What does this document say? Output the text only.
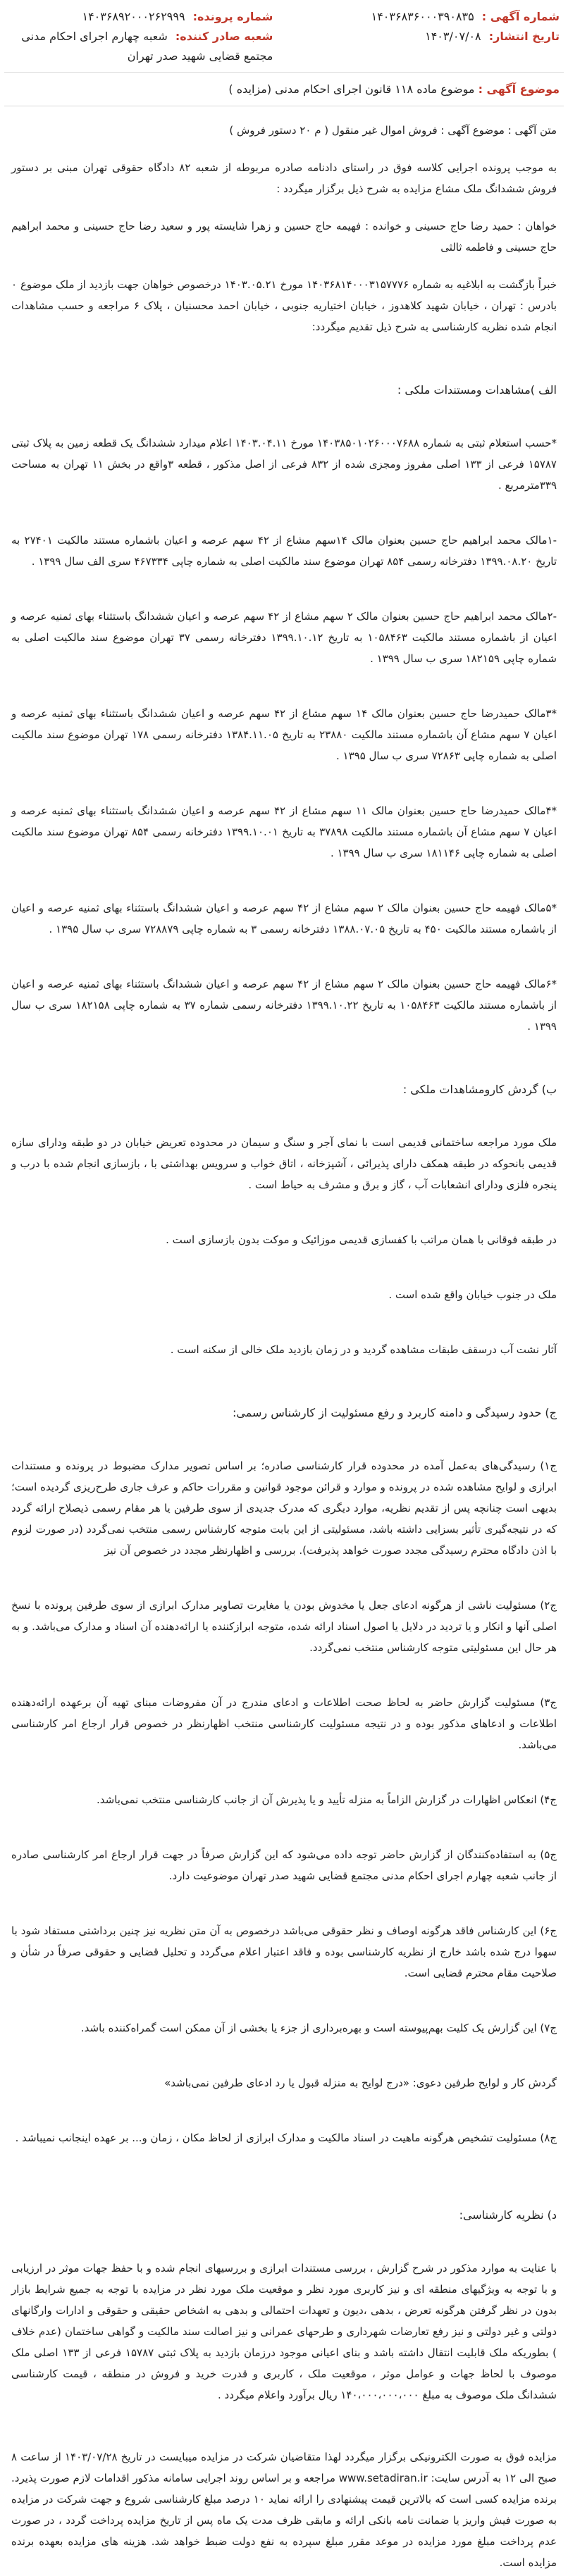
شماره آگهی : ۱۴۰۳۶۸۳۶۰۰۰۳۹۰۸۳۵
تاریخ انتشار: ۱۴۰۳/۰۷/۰۸
شماره پرونده: ۱۴۰۳۶۸۹۲۰۰۰۲۶۲۹۹۹
شعبه صادر کننده: شعبه چهارم اجرای احکام مدنی مجتمع قضایی شهید صدر تهران
موضوع آگهی : موضوع ماده ۱۱۸ قانون اجرای احکام مدنی (مزایده )

متن آگهی : موضوع آگهی : فروش اموال غیر منقول ( م ۲۰ دستور فروش )

به موجب پرونده اجرایی کلاسه فوق در راستای دادنامه صادره مربوطه از شعبه ۸۲ دادگاه حقوقی تهران مبنی بر دستور فروش ششدانگ ملک مشاع مزایده به شرح ذیل برگزار میگردد :

خواهان : حمید رضا حاج حسینی و خوانده : فهیمه حاج حسین و زهرا شایسته پور و سعید رضا حاج حسینی و محمد ابراهیم حاج حسینی و فاطمه ثالثی

خبراً بازگشت به ابلاغیه به شماره ۱۴۰۳۶۸۱۴۰۰۰۳۱۵۷۷۷۶ مورخ ۱۴۰۳.۰۵.۲۱ درخصوص خواهان جهت بازدید از ملک موضوع ۰ بادرس : تهران ، خیابان شهید کلاهدوز ، خیابان اختیاریه جنوبی ، خیابان احمد محسنیان ، پلاک ۶ مراجعه و حسب مشاهدات انجام شده نظریه کارشناسی به شرح ذیل تقدیم میگردد:

الف )مشاهدات ومستندات ملکی :

*حسب استعلام ثبتی به شماره ۱۴۰۳۸۵۰۱۰۲۶۰۰۰۷۶۸۸ مورخ ۱۴۰۳.۰۴.۱۱ اعلام میدارد ششدانگ یک قطعه زمین به پلاک ثبتی ۱۵۷۸۷ فرعی از ۱۳۳ اصلی مفروز ومجزی شده از ۸۳۲ فرعی از اصل مذکور ، قطعه ۳واقع در بخش ۱۱ تهران به مساحت ۳۳۹مترمربع .

-۱مالک محمد ابراهیم حاج حسین بعنوان مالک ۱۴سهم مشاع از ۴۲ سهم عرصه و اعیان باشماره مستند مالکیت ۲۷۴۰۱ به تاریخ ۱۳۹۹.۰۸.۲۰ دفترخانه رسمی ۸۵۴ تهران موضوع سند مالکیت اصلی به شماره چاپی ۴۶۷۳۳۴ سری الف سال ۱۳۹۹ .

-۲مالک محمد ابراهیم حاج حسین بعنوان مالک ۲ سهم مشاع از ۴۲ سهم عرصه و اعیان ششدانگ باستثناء بهای ثمنیه عرصه و اعیان از باشماره مستند مالکیت ۱۰۵۸۴۶۳ به تاریخ ۱۳۹۹.۱۰.۱۲ دفترخانه رسمی ۳۷ تهران موضوع سند مالکیت اصلی به شماره چاپی ۱۸۲۱۵۹ سری ب سال ۱۳۹۹ .

*۳مالک حمیدرضا حاج حسین بعنوان مالک ۱۴ سهم مشاع از ۴۲ سهم عرصه و اعیان ششدانگ باستثناء بهای ثمنیه عرصه و اعیان ۷ سهم مشاع آن باشماره مستند مالکیت ۲۳۸۸۰ به تاریخ ۱۳۸۴.۱۱.۰۵ دفترخانه رسمی ۱۷۸ تهران موضوع سند مالکیت اصلی به شماره چاپی ۷۲۸۶۳ سری ب سال ۱۳۹۵ .

*۴مالک حمیدرضا حاج حسین بعنوان مالک ۱۱ سهم مشاع از ۴۲ سهم عرصه و اعیان ششدانگ باستثناء بهای ثمنیه عرصه و اعیان ۷ سهم مشاع آن باشماره مستند مالکیت ۳۷۸۹۸ به تاریخ ۱۳۹۹.۱۰.۰۱ دفترخانه رسمی ۸۵۴ تهران موضوع سند مالکیت اصلی به شماره چاپی ۱۸۱۱۴۶ سری ب سال ۱۳۹۹ .

*۵مالک فهیمه حاج حسین بعنوان مالک ۲ سهم مشاع از ۴۲ سهم عرصه و اعیان ششدانگ باستثناء بهای ثمنیه عرصه و اعیان از باشماره مستند مالکیت ۴۵۰ به تاریخ ۱۳۸۸.۰۷.۰۵ دفترخانه رسمی ۳ به شماره چاپی ۷۲۸۸۷۹ سری ب سال ۱۳۹۵ .

*۶مالک فهیمه حاج حسین بعنوان مالک ۲ سهم مشاع از ۴۲ سهم عرصه و اعیان ششدانگ باستثناء بهای ثمنیه عرصه و اعیان از باشماره مستند مالکیت ۱۰۵۸۴۶۳ به تاریخ ۱۳۹۹.۱۰.۲۲ دفترخانه رسمی شماره ۳۷ به شماره چاپی ۱۸۲۱۵۸ سری ب سال ۱۳۹۹ .

ب) گردش کارومشاهدات ملکی :

ملک مورد مراجعه ساختمانی قدیمی است با نمای آجر و سنگ و سیمان در محدوده تعریض خیابان در دو طبقه ودارای سازه قدیمی بانحوکه در طبقه همکف دارای پذیرائی ، آشپزخانه ، اتاق خواب و سرویس بهداشتی با ، بازسازی انجام شده با درب و پنجره فلزی ودارای انشعابات آب ، گاز و برق و مشرف به حیاط است .

در طبقه فوقانی با همان مراتب با کفسازی قدیمی موزائیک و موکت بدون بازسازی است .

ملک در جنوب خیابان واقع شده است .

آثار نشت آب درسقف طبقات مشاهده گردید و در زمان بازدید ملک خالی از سکنه است .

ج) حدود رسیدگی و دامنه کاربرد و رفع مسئولیت از کارشناس رسمی:

ج۱) رسیدگی‌های به‌عمل آمده در محدوده قرار کارشناسی صادره؛ بر اساس تصویر مدارک مضبوط در پرونده و مستندات ابرازی و لوایح مشاهده شده در پرونده و موارد و قرائن موجود قوانین و مقررات حاکم و عرف جاری طرح‌ریزی گردیده است؛ بدیهی است چنانچه پس از تقدیم نظریه، موارد دیگری که مدرک جدیدی از سوی طرفین یا هر مقام رسمی ذیصلاح ارائه گردد که در نتیجه‌گیری تأثیر بسزایی داشته باشد، مسئولیتی از این بابت متوجه کارشناس رسمی منتخب نمی‌گردد (در صورت لزوم با اذن دادگاه محترم رسیدگی مجدد صورت خواهد پذیرفت). بررسی و اظهارنظر مجدد در خصوص آن نیز

ج۲) مسئولیت ناشی از هرگونه ادعای جعل یا مخدوش بودن یا مغایرت تصاویر مدارک ابرازی از سوی طرفین پرونده با نسخ اصلی آنها و انکار و یا تردید در دلایل یا اصول اسناد ارائه شده، متوجه ابرازکننده یا ارائه‌دهنده آن اسناد و مدارک می‌باشد. و به هر حال این مسئولیتی متوجه کارشناس منتخب نمی‌گردد.

ج۳) مسئولیت گزارش حاضر به لحاظ صحت اطلاعات و ادعای مندرج در آن مفروضات مبنای تهیه آن برعهده ارائه‌دهنده اطلاعات و ادعاهای مذکور بوده و در نتیجه مسئولیت کارشناسی منتخب اظهارنظر در خصوص قرار ارجاع امر کارشناسی می‌باشد.

ج۴) انعکاس اظهارات در گزارش الزاماً به منزله تأیید و یا پذیرش آن از جانب کارشناسی منتخب نمی‌باشد.

ج۵) به استفاده‌کنندگان از گزارش حاضر توجه داده می‌شود که این گزارش صرفاً در جهت قرار ارجاع امر کارشناسی صادره از جانب شعبه چهارم اجرای احکام مدنی مجتمع قضایی شهید صدر تهران موضوعیت دارد.

ج۶) این کارشناس فاقد هرگونه اوصاف و نظر حقوقی می‌باشد درخصوص به آن متن نظریه نیز چنین برداشتی مستفاد شود با سهوا درج شده باشد خارج از نظریه کارشناسی بوده و فاقد اعتبار اعلام می‌گردد و تحلیل قضایی و حقوقی صرفاً در شأن و صلاحیت مقام محترم قضایی است.

ج۷) این گزارش یک کلیت بهم‌پیوسته است و بهره‌برداری از جزء یا بخشی از آن ممکن است گمراه‌کننده باشد.

گردش کار و لوایح طرفین دعوی: «درج لوایح به منزله قبول یا رد ادعای طرفین نمی‌باشد»

ج۸) مسئولیت تشخیص هرگونه ماهیت در اسناد مالکیت و مدارک ابرازی از لحاظ مکان ، زمان و... بر عهده اینجانب نمیباشد .

د) نظریه کارشناسی:

با عنایت به موارد مذکور در شرح گزارش ، بررسی مستندات ابرازی و بررسیهای انجام شده و با حفظ جهات موثر در ارزیابی و با توجه به ویژگیهای منطقه ای و نیز کاربری مورد نظر و موقعیت ملک مورد نظر در مزایده با توجه به جمیع شرایط بازار بدون در نظر گرفتن هرگونه تعرض ، بدهی ،دیون و تعهدات احتمالی و بدهی به اشخاص حقیقی و حقوقی و ادارات وارگانهای دولتی و غیر دولتی و نیز رفع تعارضات شهرداری و طرحهای عمرانی و نیز اصالت سند مالکیت و گواهی ساختمان (عدم خلاف ) بطوریکه ملک قابلیت انتقال داشته باشد و بنای اعیانی موجود درزمان بازدید به پلاک ثبتی ۱۵۷۸۷ فرعی از ۱۳۳ اصلی ملک موصوف با لحاظ جهات و عوامل موثر ، موقعیت ملک ، کاربری و قدرت خرید و فروش در منطقه ، قیمت کارشناسی ششدانگ ملک موصوف به مبلغ ۱۴۰،۰۰۰،۰۰۰،۰۰۰ ریال برآورد واعلام میگردد .

مزایده فوق به صورت الکترونیکی برگزار میگردد لهذا متقاضیان شرکت در مزایده میبایست در تاریخ ۱۴۰۳/۰۷/۲۸ از ساعت ۸ صبح الی ۱۲ به آدرس سایت: www.setadiran.ir مراجعه و بر اساس روند اجرایی سامانه مذکور اقدامات لازم صورت پذیرد. برنده مزایده کسی است که بالاترین قیمت پیشنهادی را ارائه نماید ۱۰ درصد مبلغ کارشناسی شروع و جهت شرکت در مزایده به صورت فیش واریز یا ضمانت نامه بانکی ارائه و مابقی ظرف مدت یک ماه پس از تاریخ مزایده پرداخت گردد ، در صورت عدم پرداخت مبلغ مورد مزایده در موعد مقرر مبلغ سپرده به نفع دولت ضبط خواهد شد. هزینه های مزایده بعهده برنده مزایده است.
